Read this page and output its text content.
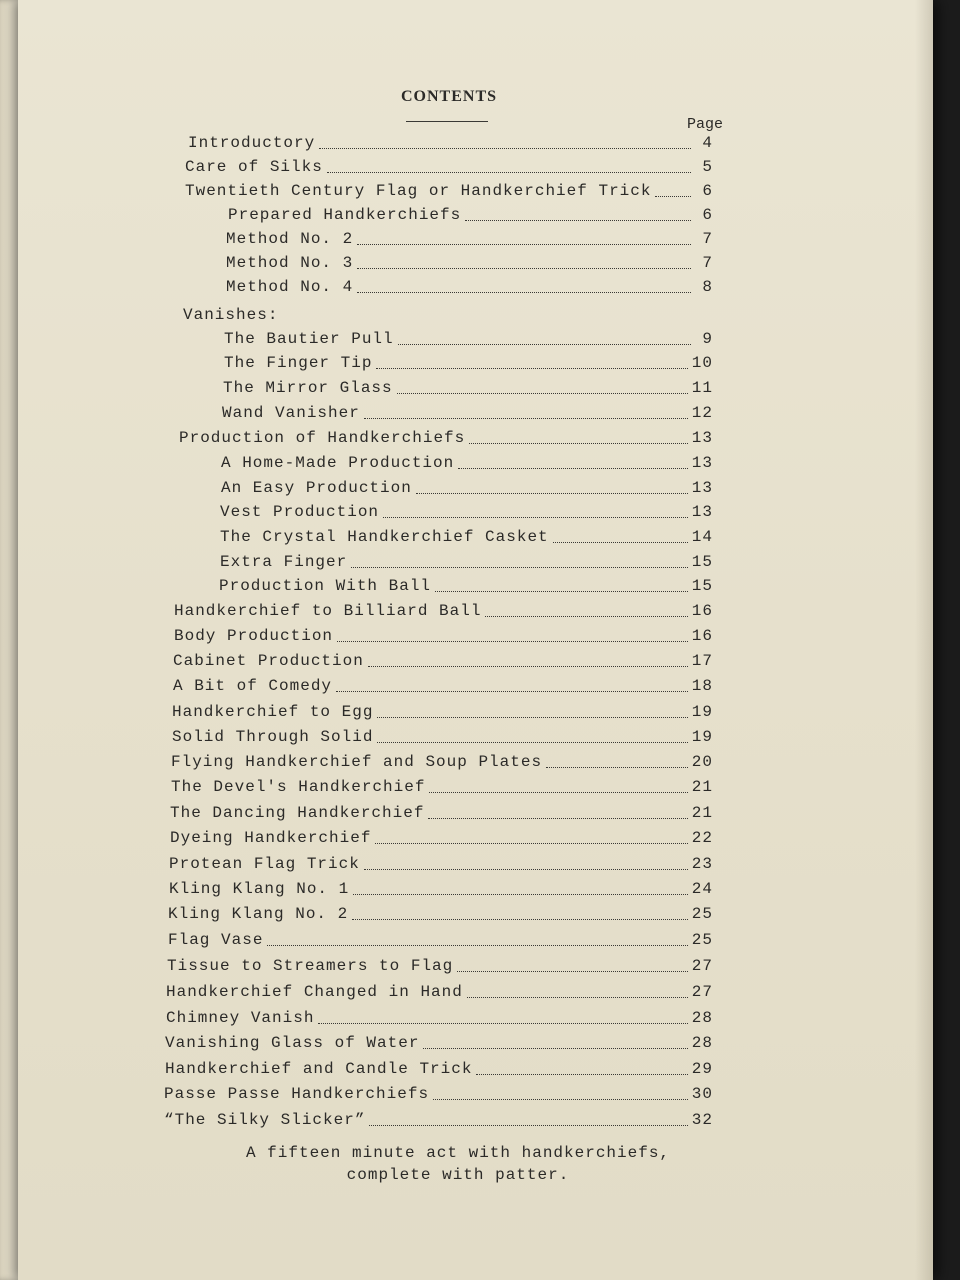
CONTENTS
Page
Vanishes:
Introductory	4
Care of Silks	5
Twentieth Century Flag or Handkerchief Trick	6
Prepared Handkerchiefs	6
Method No. 2	7
Method No. 3	7
Method No. 4	8
The Bautier Pull	9
The Finger Tip	10
The Mirror Glass	11
Wand Vanisher	12
Production of Handkerchiefs	13
A Home-Made Production	13
An Easy Production	13
Vest Production	13
The Crystal Handkerchief Casket	14
Extra Finger	15
Production With Ball	15
Handkerchief to Billiard Ball	16
Body Production	16
Cabinet Production	17
A Bit of Comedy	18
Handkerchief to Egg	19
Solid Through Solid	19
Flying Handkerchief and Soup Plates	20
The Devel's Handkerchief	21
The Dancing Handkerchief	21
Dyeing Handkerchief	22
Protean Flag Trick	23
Kling Klang No. 1	24
Kling Klang No. 2	25
Flag Vase	25
Tissue to Streamers to Flag	27
Handkerchief Changed in Hand	27
Chimney Vanish	28
Vanishing Glass of Water	28
Handkerchief and Candle Trick	29
Passe Passe Handkerchiefs	30
“The Silky Slicker”	32
A fifteen minute act with handkerchiefs,
complete with patter.
